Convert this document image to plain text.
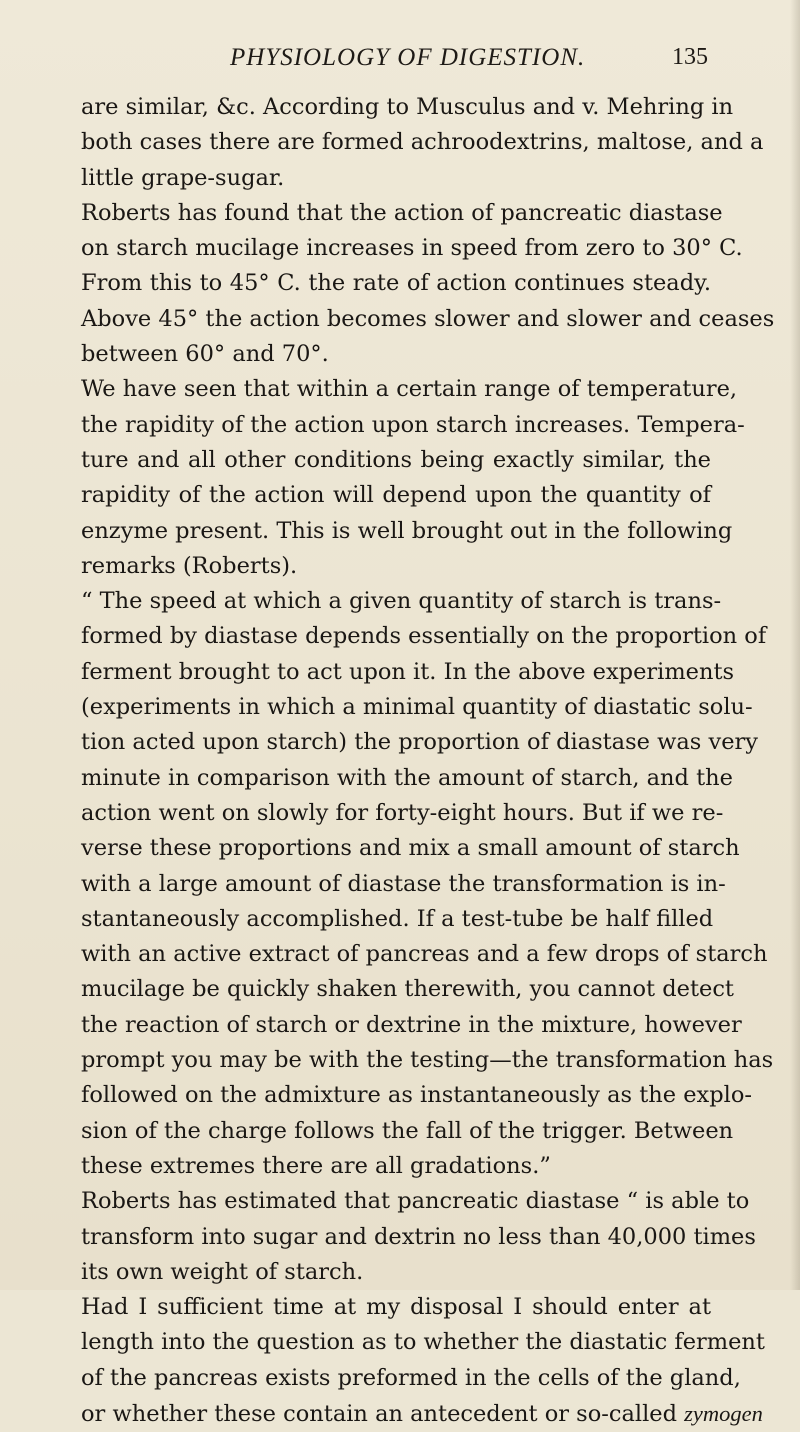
PHYSIOLOGY OF DIGESTION.	135
are similar, &c. According to Musculus and v. Mehring in
both cases there are formed achroodextrins, maltose, and a
little grape-sugar.
Roberts has found that the action of pancreatic diastase
on starch mucilage increases in speed from zero to 30° C.
From this to 45° C. the rate of action continues steady.
Above 45° the action becomes slower and slower and ceases
between 60° and 70°.
We have seen that within a certain range of temperature,
the rapidity of the action upon starch increases. Tempera-
ture and all other conditions being exactly similar, the
rapidity of the action will depend upon the quantity of
enzyme present. This is well brought out in the following
remarks (Roberts).
“ The speed at which a given quantity of starch is trans-
formed by diastase depends essentially on the proportion of
ferment brought to act upon it. In the above experiments
(experiments in which a minimal quantity of diastatic solu-
tion acted upon starch) the proportion of diastase was very
minute in comparison with the amount of starch, and the
action went on slowly for forty-eight hours. But if we re-
verse these proportions and mix a small amount of starch
with a large amount of diastase the transformation is in-
stantaneously accomplished. If a test-tube be half filled
with an active extract of pancreas and a few drops of starch
mucilage be quickly shaken therewith, you cannot detect
the reaction of starch or dextrine in the mixture, however
prompt you may be with the testing—the transformation has
followed on the admixture as instantaneously as the explo-
sion of the charge follows the fall of the trigger. Between
these extremes there are all gradations.”
Roberts has estimated that pancreatic diastase “ is able to
transform into sugar and dextrin no less than 40,000 times
its own weight of starch.
Had I sufficient time at my disposal I should enter at
length into the question as to whether the diastatic ferment
of the pancreas exists preformed in the cells of the gland,
or whether these contain an antecedent or so-called zymogen
